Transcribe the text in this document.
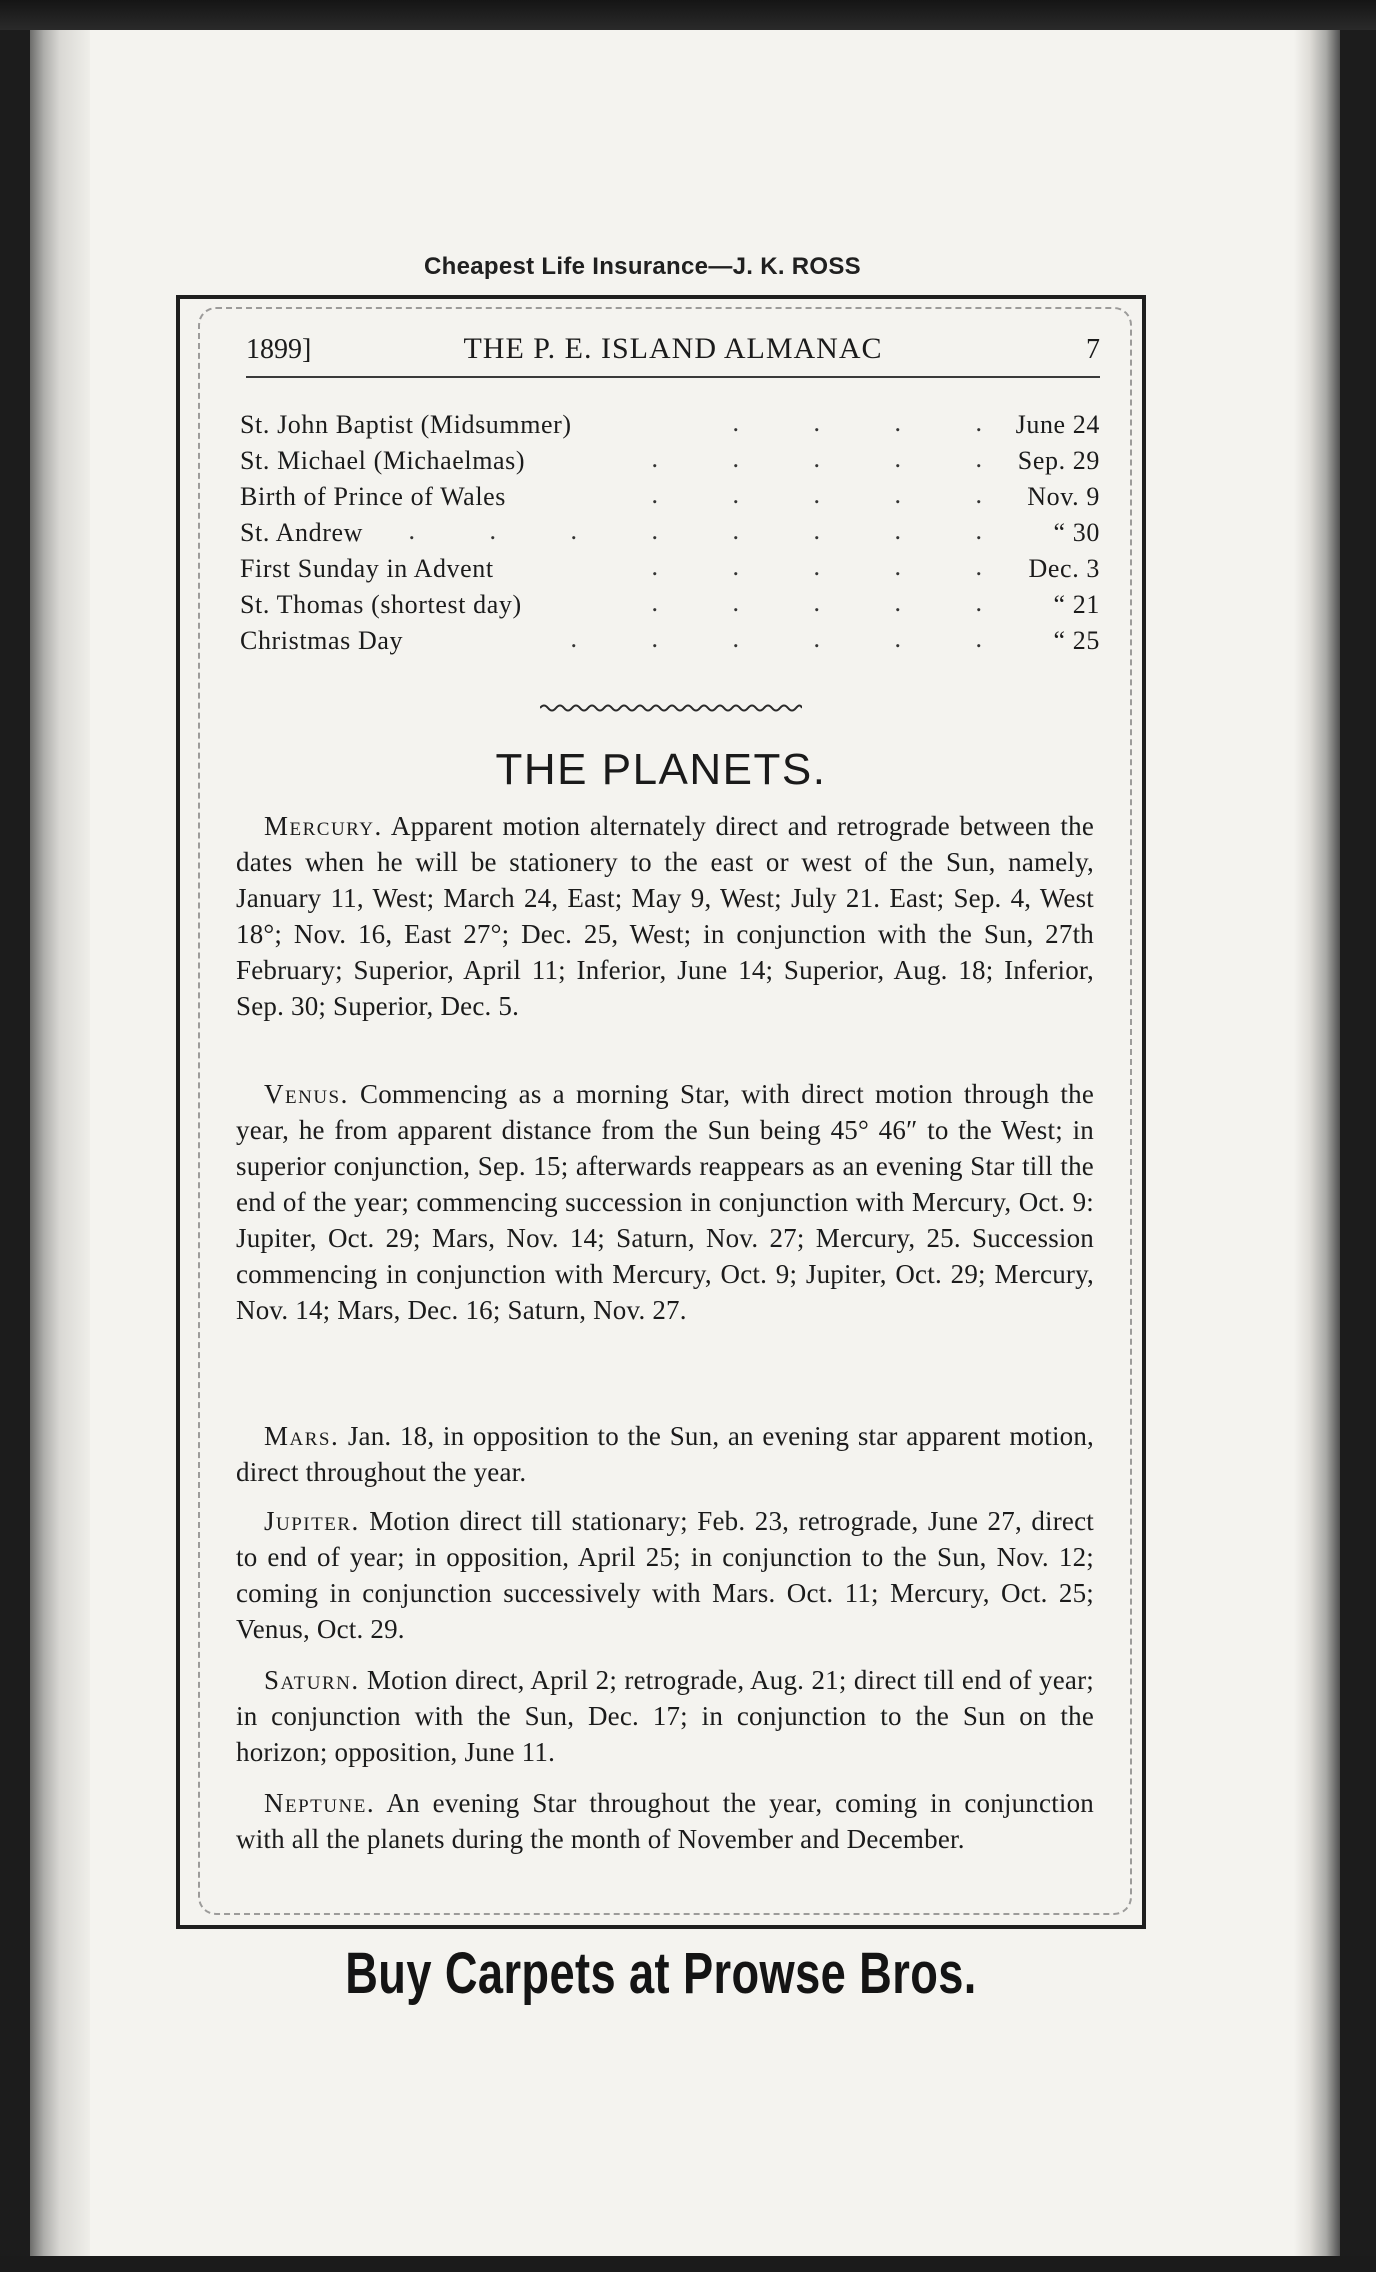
Cheapest Life Insurance—J. K. ROSS
1899]	THE P. E. ISLAND ALMANAC	7
St. John Baptist (Midsummer)	. . . . June 24
St. Michael (Michaelmas)	. . . . . Sep. 29
Birth of Prince of Wales	. . . . . Nov. 9
St. Andrew . . . . . . . . “ 30
First Sunday in Advent	. . . . . Dec. 3
St. Thomas (shortest day)	. . . . . “ 21
Christmas Day	. . . . . . “ 25
THE PLANETS.

Mercury. Apparent motion alternately direct and retrograde between the dates when he will be stationery to the east or west of the Sun, namely, January 11, West; March 24, East; May 9, West; July 21. East; Sep. 4, West 18°; Nov. 16, East 27°; Dec. 25, West; in conjunction with the Sun, 27th February; Superior, April 11; Inferior, June 14; Superior, Aug. 18; Inferior, Sep. 30; Superior, Dec. 5.

Venus. Commencing as a morning Star, with direct motion through the year, he from apparent distance from the Sun being 45° 46″ to the West; in superior conjunction, Sep. 15; afterwards reappears as an evening Star till the end of the year; commencing succession in conjunction with Mercury, Oct. 9: Jupiter, Oct. 29; Mars, Nov. 14; Saturn, Nov. 27; Mercury, 25. Succession commencing in conjunction with Mercury, Oct. 9; Jupiter, Oct. 29; Mercury, Nov. 14; Mars, Dec. 16; Saturn, Nov. 27.

Mars. Jan. 18, in opposition to the Sun, an evening star apparent motion, direct throughout the year.

Jupiter. Motion direct till stationary; Feb. 23, retrograde, June 27, direct to end of year; in opposition, April 25; in conjunction to the Sun, Nov. 12; coming in conjunction successively with Mars. Oct. 11; Mercury, Oct. 25; Venus, Oct. 29.

Saturn. Motion direct, April 2; retrograde, Aug. 21; direct till end of year; in conjunction with the Sun, Dec. 17; in conjunction to the Sun on the horizon; opposition, June 11.

Neptune. An evening Star throughout the year, coming in conjunction with all the planets during the month of November and December.

Buy Carpets at Prowse Bros.
